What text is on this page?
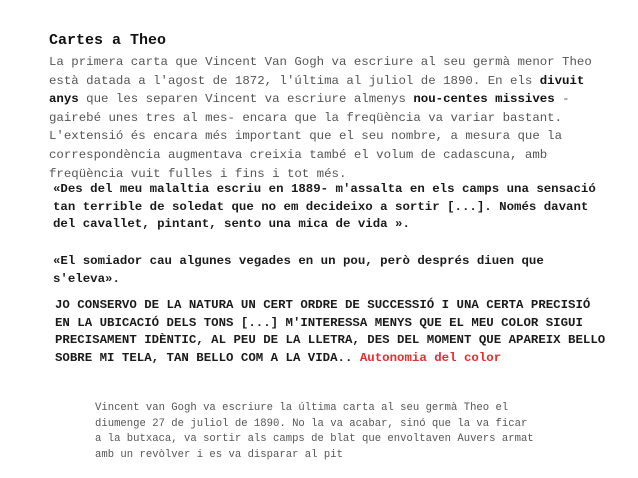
Cartes a Theo
La primera carta que Vincent Van Gogh va escriure al seu germà menor Theo està datada a l'agost de 1872, l'última al juliol de 1890. En els divuit anys que les separen Vincent va escriure almenys nou-centes missives -gairebé unes tres al mes- encara que la freqüència va variar bastant. L'extensió és encara més important que el seu nombre, a mesura que la correspondència augmentava creixia també el volum de cadascuna, amb freqüència vuit fulles i fins i tot més.
«Des del meu malaltia escriu en 1889- m'assalta en els camps una sensació tan terrible de soledat que no em decideixo a sortir [...]. Només davant del cavallet, pintant, sento una mica de vida ».
«El somiador cau algunes vegades en un pou, però després diuen que s'eleva».
JO CONSERVO DE LA NATURA UN CERT ORDRE DE SUCCESSIÓ I UNA CERTA PRECISIÓ EN LA UBICACIÓ DELS TONS [...] M'INTERESSA MENYS QUE EL MEU COLOR SIGUI PRECISAMENT IDÈNTIC, AL PEU DE LA LLETRA, DES DEL MOMENT QUE APAREIX BELLO SOBRE MI TELA, TAN BELLO COM A LA VIDA.. Autonomia del color
Vincent van Gogh va escriure la última carta al seu germà Theo el diumenge 27 de juliol de 1890. No la va acabar, sinó que la va ficar a la butxaca, va sortir als camps de blat que envoltaven Auvers armat amb un revòlver i es va disparar al pit
